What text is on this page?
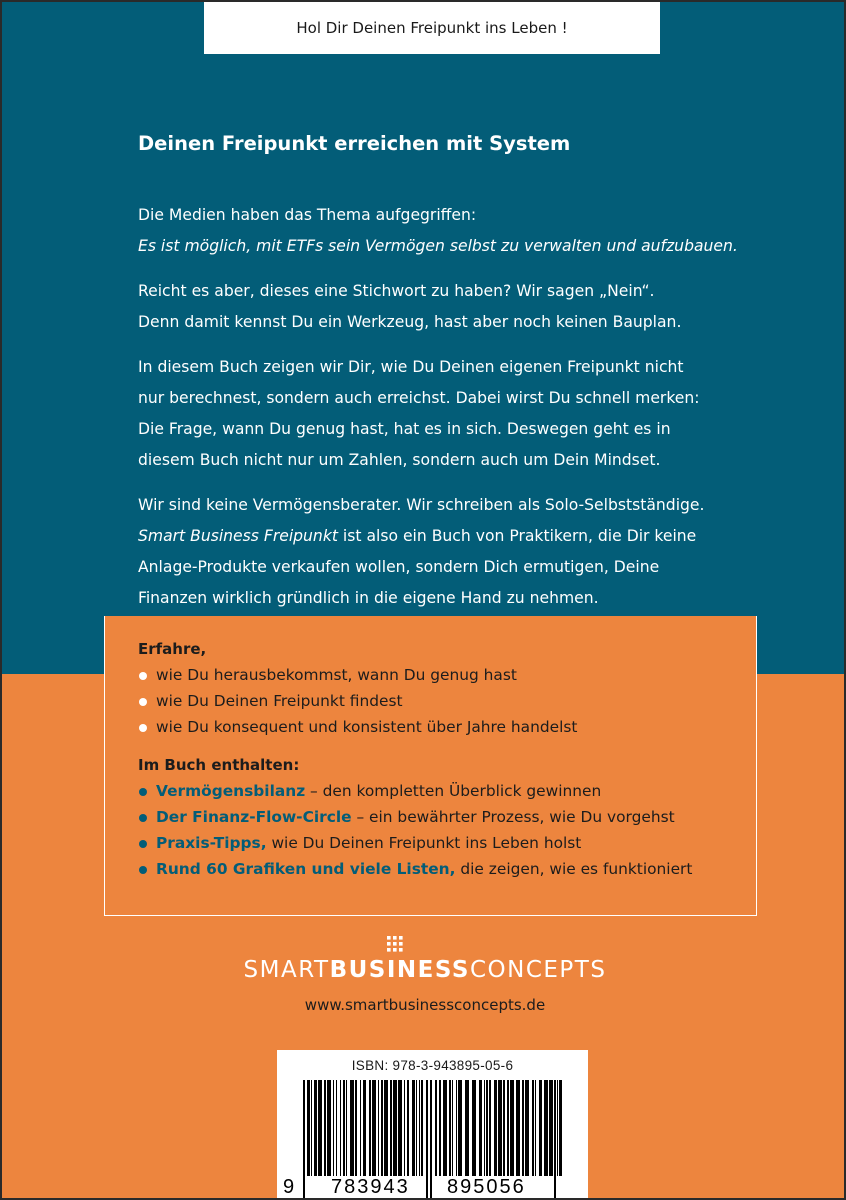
Hol Dir Deinen Freipunkt ins Leben !
Deinen Freipunkt erreichen mit System

Die Medien haben das Thema aufgegriffen:

Es ist möglich, mit ETFs sein Vermögen selbst zu verwalten und aufzubauen.

Reicht es aber, dieses eine Stichwort zu haben? Wir sagen „Nein“.
Denn damit kennst Du ein Werkzeug, hast aber noch keinen Bauplan.

In diesem Buch zeigen wir Dir, wie Du Deinen eigenen Freipunkt nicht
nur berechnest, sondern auch erreichst. Dabei wirst Du schnell merken:
Die Frage, wann Du genug hast, hat es in sich. Deswegen geht es in
diesem Buch nicht nur um Zahlen, sondern auch um Dein Mindset.

Wir sind keine Vermögensberater. Wir schreiben als Solo-Selbstständige.
Smart Business Freipunkt ist also ein Buch von Praktikern, die Dir keine
Anlage-Produkte verkaufen wollen, sondern Dich ermutigen, Deine
Finanzen wirklich gründlich in die eigene Hand zu nehmen.

Erfahre,
wie Du herausbekommst, wann Du genug hast
wie Du Deinen Freipunkt findest
wie Du konsequent und konsistent über Jahre handelst
Im Buch enthalten:
Vermögensbilanz – den kompletten Überblick gewinnen
Der Finanz-Flow-Circle – ein bewährter Prozess, wie Du vorgehst
Praxis-Tipps, wie Du Deinen Freipunkt ins Leben holst
Rund 60 Grafiken und viele Listen, die zeigen, wie es funktioniert
SMARTBUSINESSCONCEPTS
www.smartbusinessconcepts.de
ISBN: 978-3-943895-05-6
9 783943 895056
